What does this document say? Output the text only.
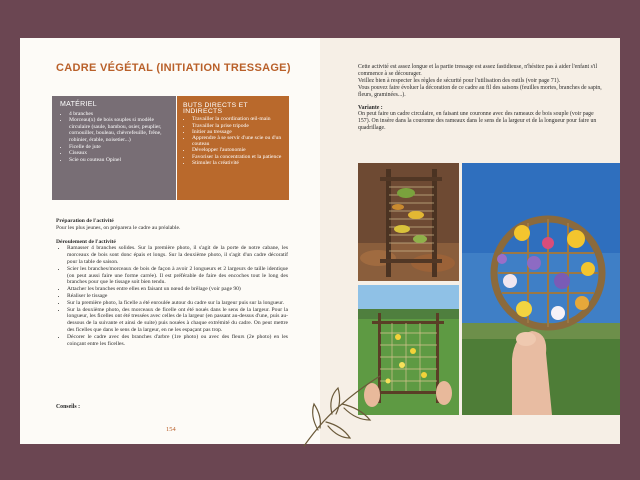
CADRE VÉGÉTAL (INITIATION TRESSAGE)
MATÉRIEL
• 4 branches
• Morceau(x) de bois souples si modèle circulaire (saule, bambou, osier, peuplier, cornouiller, bouleau, chèvrefeuille, frêne, robinier, érable, noisetier...)
• Ficelle de jute
• Ciseaux
• Scie ou couteau Opinel
BUTS DIRECTS ET INDIRECTS
• Travailler la coordination œil-main
• Travailler la prise tripode
• Initier au tressage
• Apprendre à se servir d'une scie ou d'un couteau
• Développer l'autonomie
• Favoriser la concentration et la patience
• Stimuler la créativité

Préparation de l'activité

Pour les plus jeunes, on préparera le cadre au préalable.

Déroulement de l'activité

• Ramasser 4 branches solides. Sur la première photo, il s'agit de la porte de notre cabane, les morceaux de bois sont donc épais et longs. Sur la deuxième photo, il s'agit d'un cadre décoratif pour la table de saison.
• Scier les branches/morceaux de bois de façon à avoir 2 longueurs et 2 largeurs de taille identique (on peut aussi faire une forme carrée). Il est préférable de faire des encoches tout le long des branches pour que le tissage soit bien tendu.
• Attacher les branches entre elles en faisant un nœud de brêlage (voir page 90)
• Réaliser le tissage
• Sur la première photo, la ficelle a été enroulée autour du cadre sur la largeur puis sur la longueur.
• Sur la deuxième photo, des morceaux de ficelle ont été noués dans le sens de la largeur. Pour la longueur, les ficelles ont été tressées avec celles de la largeur (en passant au-dessus d'une, puis au-dessous de la suivante et ainsi de suite) puis nouées à chaque extrémité du cadre. On peut mettre des ficelles que dans le sens de la largeur, en ne les espaçant pas trop.
• Décorer le cadre avec des branches d'arbre (1re photo) ou avec des fleurs (2e photo) en les coinçant entre les ficelles.
Conseils :
154

Cette activité est assez longue et la partie tressage est assez fastidieuse, n'hésitez pas à aider l'enfant s'il commence à se décourager.

Veillez bien à respecter les règles de sécurité pour l'utilisation des outils (voir page 71).

Vous pouvez faire évoluer la décoration de ce cadre au fil des saisons (feuilles mortes, branches de sapin, fleurs, graminées...).

Variante :

On peut faire un cadre circulaire, en faisant une couronne avec des rameaux de bois souple (voir page 157). On insère dans la couronne des rameaux dans le sens de la largeur et de la longueur pour faire un quadrillage.
